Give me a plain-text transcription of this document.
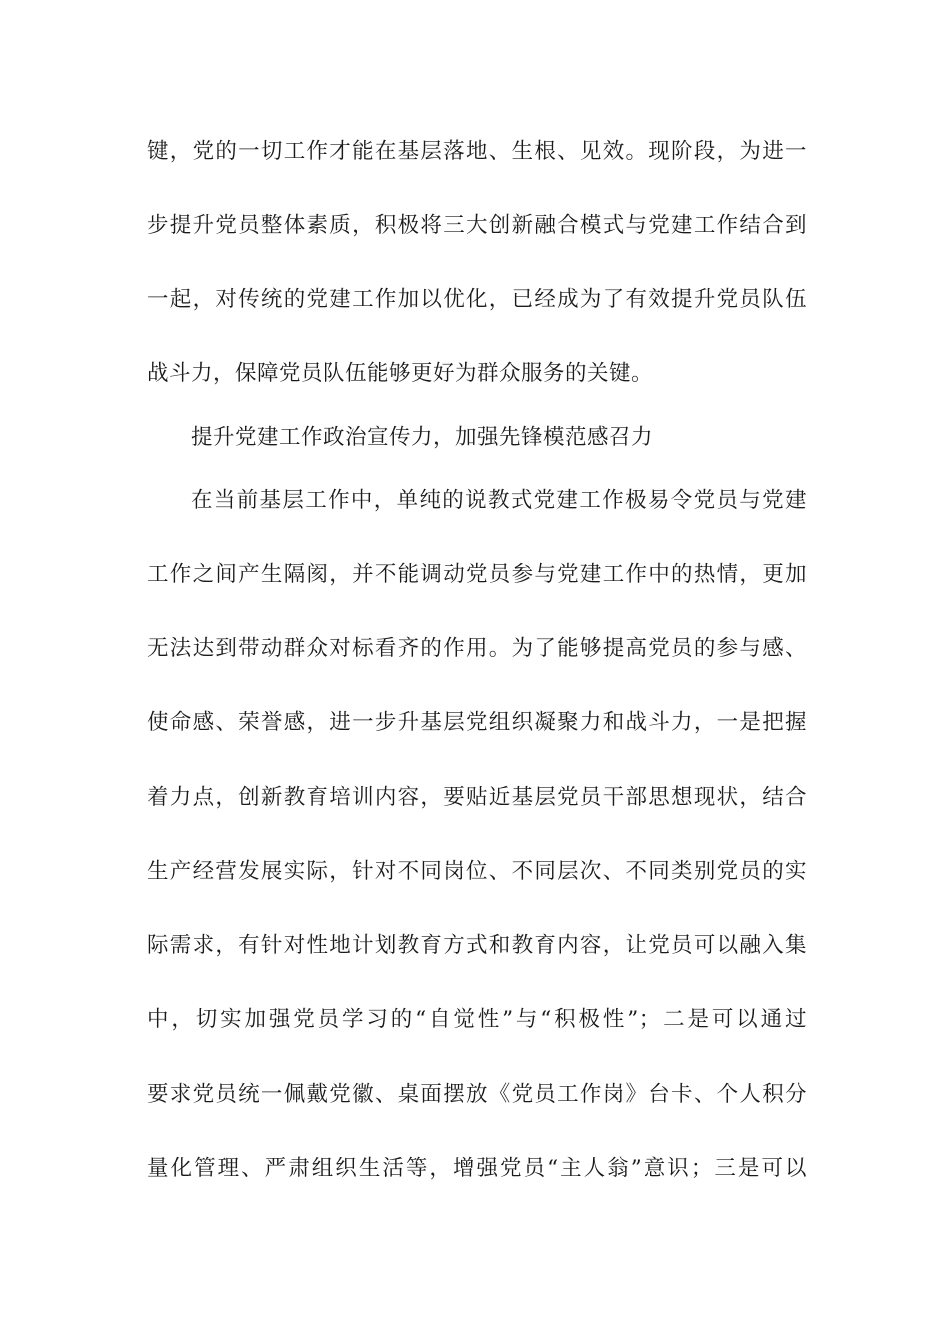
键，党的一切工作才能在基层落地、生根、见效。现阶段，为进一
步提升党员整体素质，积极将三大创新融合模式与党建工作结合到
一起，对传统的党建工作加以优化，已经成为了有效提升党员队伍
战斗力，保障党员队伍能够更好为群众服务的关键。
提升党建工作政治宣传力，加强先锋模范感召力
在当前基层工作中，单纯的说教式党建工作极易令党员与党建
工作之间产生隔阂，并不能调动党员参与党建工作中的热情，更加
无法达到带动群众对标看齐的作用。为了能够提高党员的参与感、
使命感、荣誉感，进一步升基层党组织凝聚力和战斗力，一是把握
着力点，创新教育培训内容，要贴近基层党员干部思想现状，结合
生产经营发展实际，针对不同岗位、不同层次、不同类别党员的实
际需求，有针对性地计划教育方式和教育内容，让党员可以融入集
中，切实加强党员学习的“自觉性”与“积极性”；二是可以通过
要求党员统一佩戴党徽、桌面摆放《党员工作岗》台卡、个人积分
量化管理、严肃组织生活等，增强党员“主人翁”意识；三是可以
